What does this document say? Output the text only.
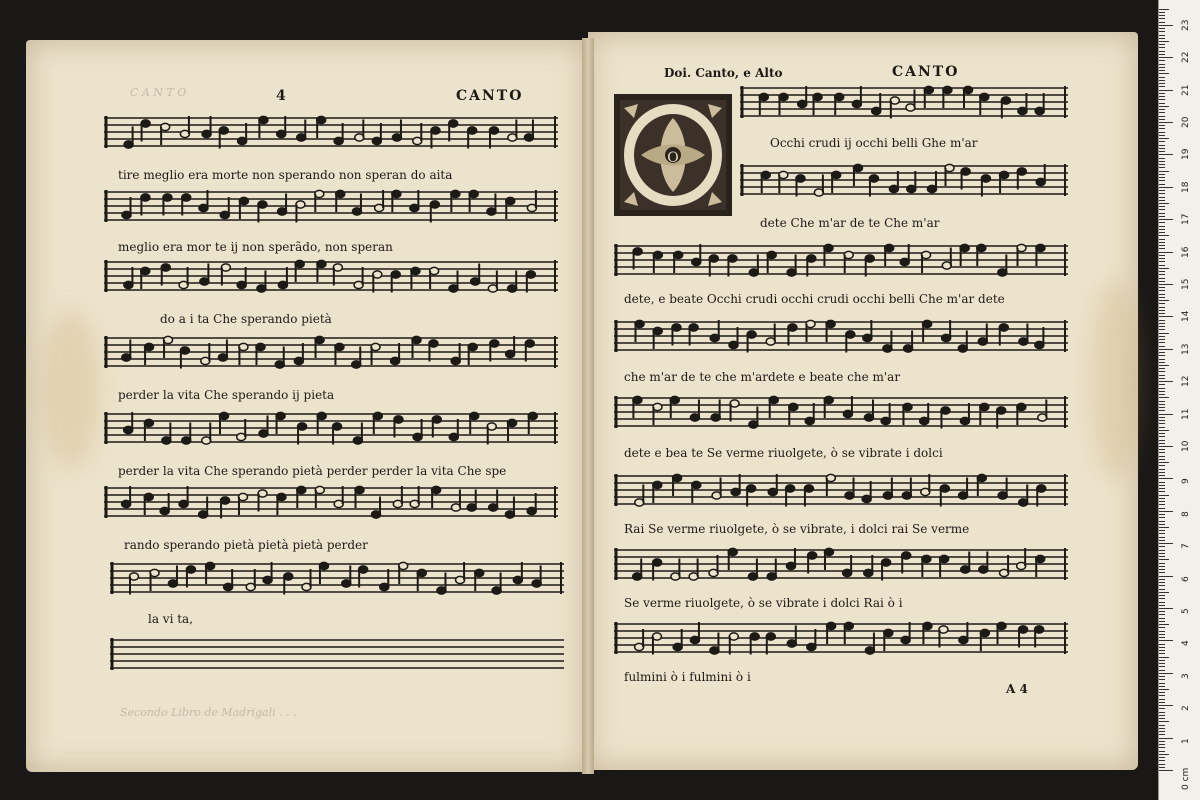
C A N T O
Secondo Libro de Madrigali . . .
4	CANTO
Doi. Canto, e Alto	CANTO
O
tire meglio era morte non sperando non speran do aita
meglio era mor te ij non sperãdo, non speran
do a i ta Che sperando pietà
perder la vita Che sperando ij pieta
perder la vita Che sperando pietà perder perder la vita Che spe
rando sperando pietà pietà pietà perder
la vi ta,
Occhi crudi ij occhi belli Ghe m'ar
dete Che m'ar de te Che m'ar
dete, e beate Occhi crudi occhi crudi occhi belli Che m'ar dete
che m'ar de te che m'ardete e beate che m'ar
dete e bea te Se verme riuolgete, ò se vibrate i dolci
Rai Se verme riuolgete, ò se vibrate, i dolci rai Se verme
Se verme riuolgete, ò se vibrate i dolci Rai ò i
fulmini ò i fulmini ò i
A 4
0 cm
1
2
3
4
5
6
7
8
9
10
11
12
13
14
15
16
17
18
19
20
21
22
23
